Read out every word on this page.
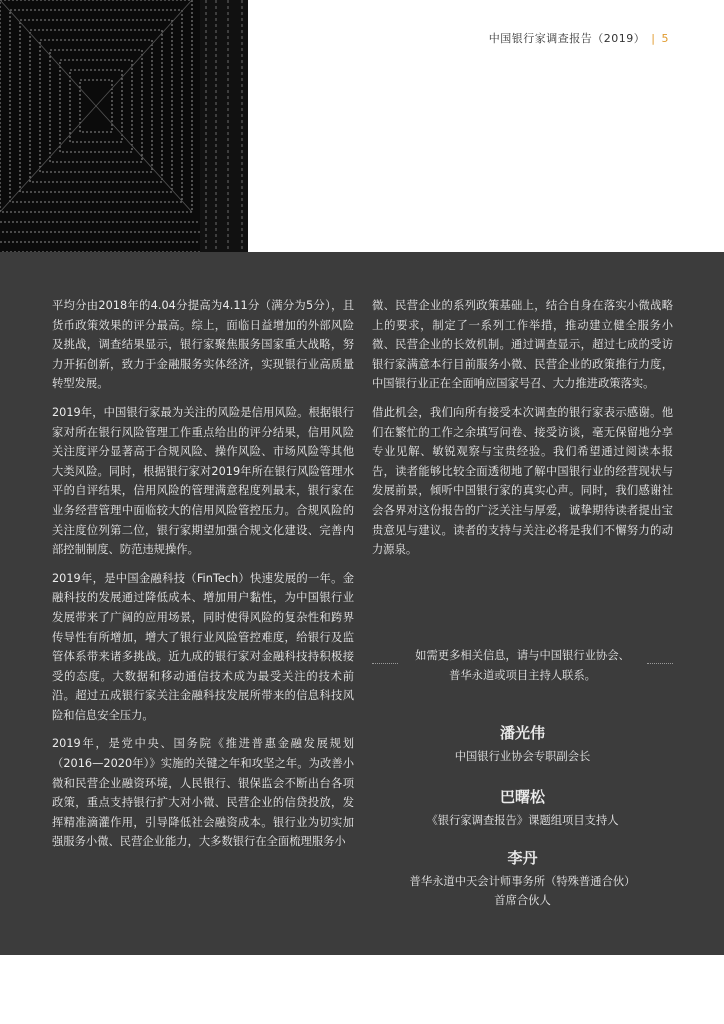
中国银行家调查报告（2019） | 5

平均分由2018年的4.04分提高为4.11分（满分为5分），且货币政策效果的评分最高。综上，面临日益增加的外部风险及挑战，调查结果显示，银行家聚焦服务国家重大战略，努力开拓创新，致力于金融服务实体经济，实现银行业高质量转型发展。

2019年，中国银行家最为关注的风险是信用风险。根据银行家对所在银行风险管理工作重点给出的评分结果，信用风险关注度评分显著高于合规风险、操作风险、市场风险等其他大类风险。同时，根据银行家对2019年所在银行风险管理水平的自评结果，信用风险的管理满意程度列最末，银行家在业务经营管理中面临较大的信用风险管控压力。合规风险的关注度位列第二位，银行家期望加强合规文化建设、完善内部控制制度、防范违规操作。

2019年，是中国金融科技（FinTech）快速发展的一年。金融科技的发展通过降低成本、增加用户黏性，为中国银行业发展带来了广阔的应用场景，同时使得风险的复杂性和跨界传导性有所增加，增大了银行业风险管控难度，给银行及监管体系带来诸多挑战。近九成的银行家对金融科技持积极接受的态度。大数据和移动通信技术成为最受关注的技术前沿。超过五成银行家关注金融科技发展所带来的信息科技风险和信息安全压力。

2019年，是党中央、国务院《推进普惠金融发展规划（2016—2020年）》实施的关键之年和攻坚之年。为改善小微和民营企业融资环境，人民银行、银保监会不断出台各项政策，重点支持银行扩大对小微、民营企业的信贷投放，发挥精准滴灌作用，引导降低社会融资成本。银行业为切实加强服务小微、民营企业能力，大多数银行在全面梳理服务小

微、民营企业的系列政策基础上，结合自身在落实小微战略上的要求，制定了一系列工作举措，推动建立健全服务小微、民营企业的长效机制。通过调查显示，超过七成的受访银行家满意本行目前服务小微、民营企业的政策推行力度，中国银行业正在全面响应国家号召、大力推进政策落实。

借此机会，我们向所有接受本次调查的银行家表示感谢。他们在繁忙的工作之余填写问卷、接受访谈，毫无保留地分享专业见解、敏锐观察与宝贵经验。我们希望通过阅读本报告，读者能够比较全面透彻地了解中国银行业的经营现状与发展前景，倾听中国银行家的真实心声。同时，我们感谢社会各界对这份报告的广泛关注与厚爱，诚挚期待读者提出宝贵意见与建议。读者的支持与关注必将是我们不懈努力的动力源泉。

如需更多相关信息，请与中国银行业协会、
普华永道或项目主持人联系。
潘光伟
中国银行业协会专职副会长
巴曙松
《银行家调查报告》课题组项目支持人
李丹
普华永道中天会计师事务所（特殊普通合伙）
首席合伙人
